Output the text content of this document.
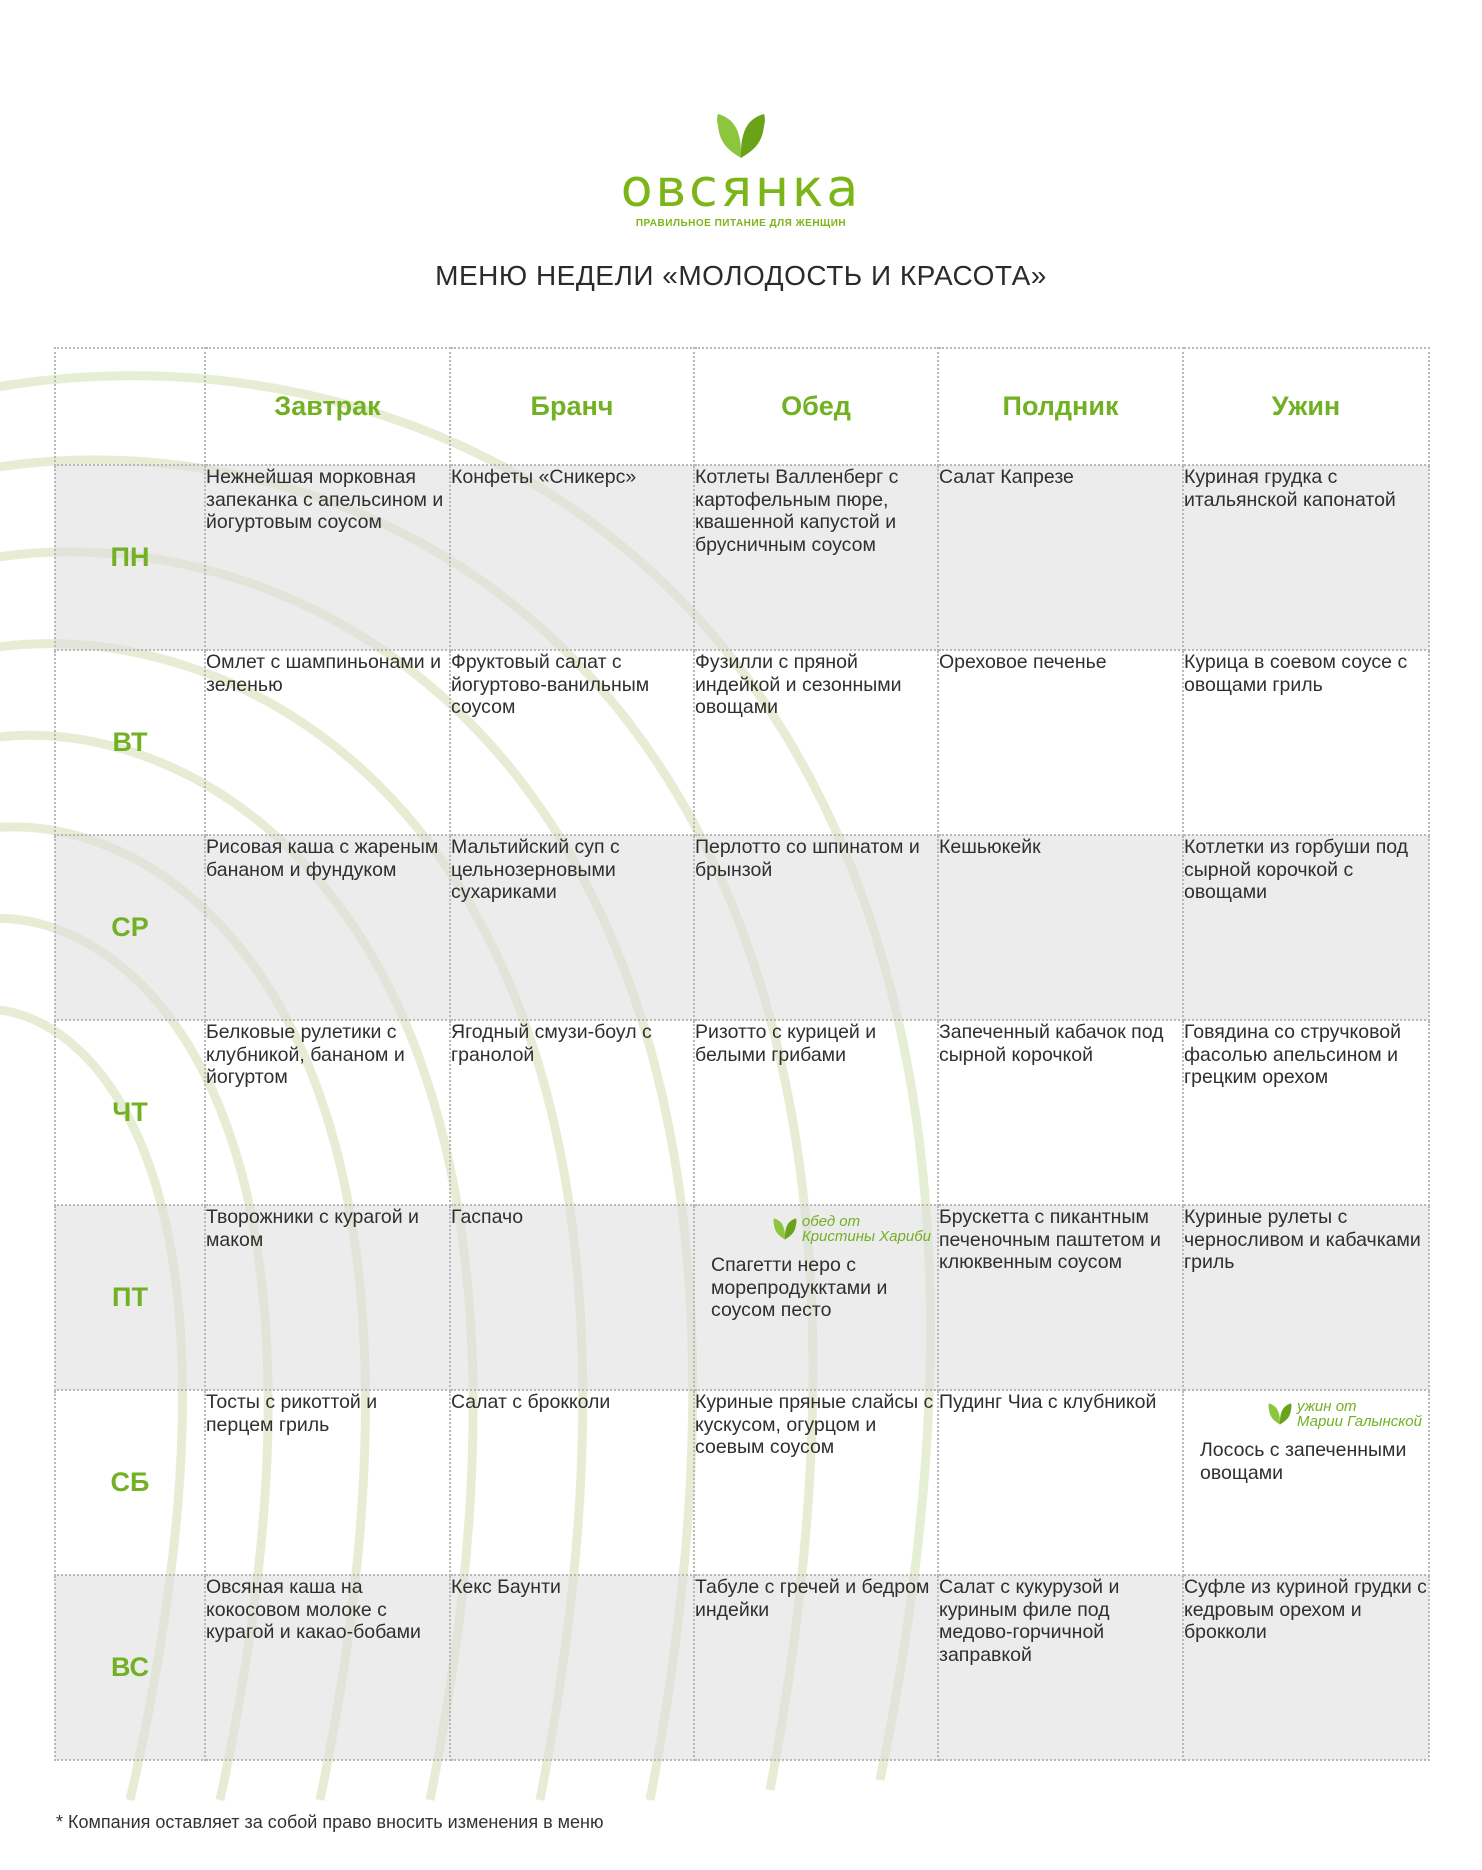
овсянка
ПРАВИЛЬНОЕ ПИТАНИЕ ДЛЯ ЖЕНЩИН
МЕНЮ НЕДЕЛИ «МОЛОДОСТЬ И КРАСОТА»
	Завтрак	Бранч	Обед	Полдник	Ужин
ПН	Нежнейшая морковная запеканка с апельсином и йогуртовым соусом	Конфеты «Сникерс»	Котлеты Валленберг с картофельным пюре, квашенной капустой и брусничным соусом	Салат Капрезе	Куриная грудка с итальянской капонатой
ВТ	Омлет с шампиньонами и зеленью	Фруктовый салат с йогуртово-ванильным соусом	Фузилли с пряной индейкой и сезонными овощами	Ореховое печенье	Курица в соевом соусе с овощами гриль
СР	Рисовая каша с жареным бананом и фундуком	Мальтийский суп с цельнозерновыми сухариками	Перлотто со шпинатом и брынзой	Кешьюкейк	Котлетки из горбуши под сырной корочкой с овощами
ЧТ	Белковые рулетики с клубникой, бананом и йогуртом	Ягодный смузи-боул с гранолой	Ризотто с курицей и белыми грибами	Запеченный кабачок под сырной корочкой	Говядина со стручковой фасолью апельсином и грецким орехом
ПТ	Творожники с курагой и маком	Гаспачо	обед от
Кристины Хариби
Спагетти неро с морепродукктами и соусом песто	Брускетта с пикантным печеночным паштетом и клюквенным соусом	Куриные рулеты с черносливом и кабачками гриль
СБ	Тосты с рикоттой и перцем гриль	Салат с брокколи	Куриные пряные слайсы с кускусом, огурцом и соевым соусом	Пудинг Чиа с клубникой	ужин от
Марии Галынской
Лосось с запеченными овощами

ВС	Овсяная каша на кокосовом молоке с курагой и какао-бобами	Кекс Баунти	Табуле с гречей и бедром индейки	Салат с кукурузой и куриным филе под медово-горчичной заправкой	Суфле из куриной грудки с кедровым орехом и брокколи
* Компания оставляет за собой право вносить изменения в меню
